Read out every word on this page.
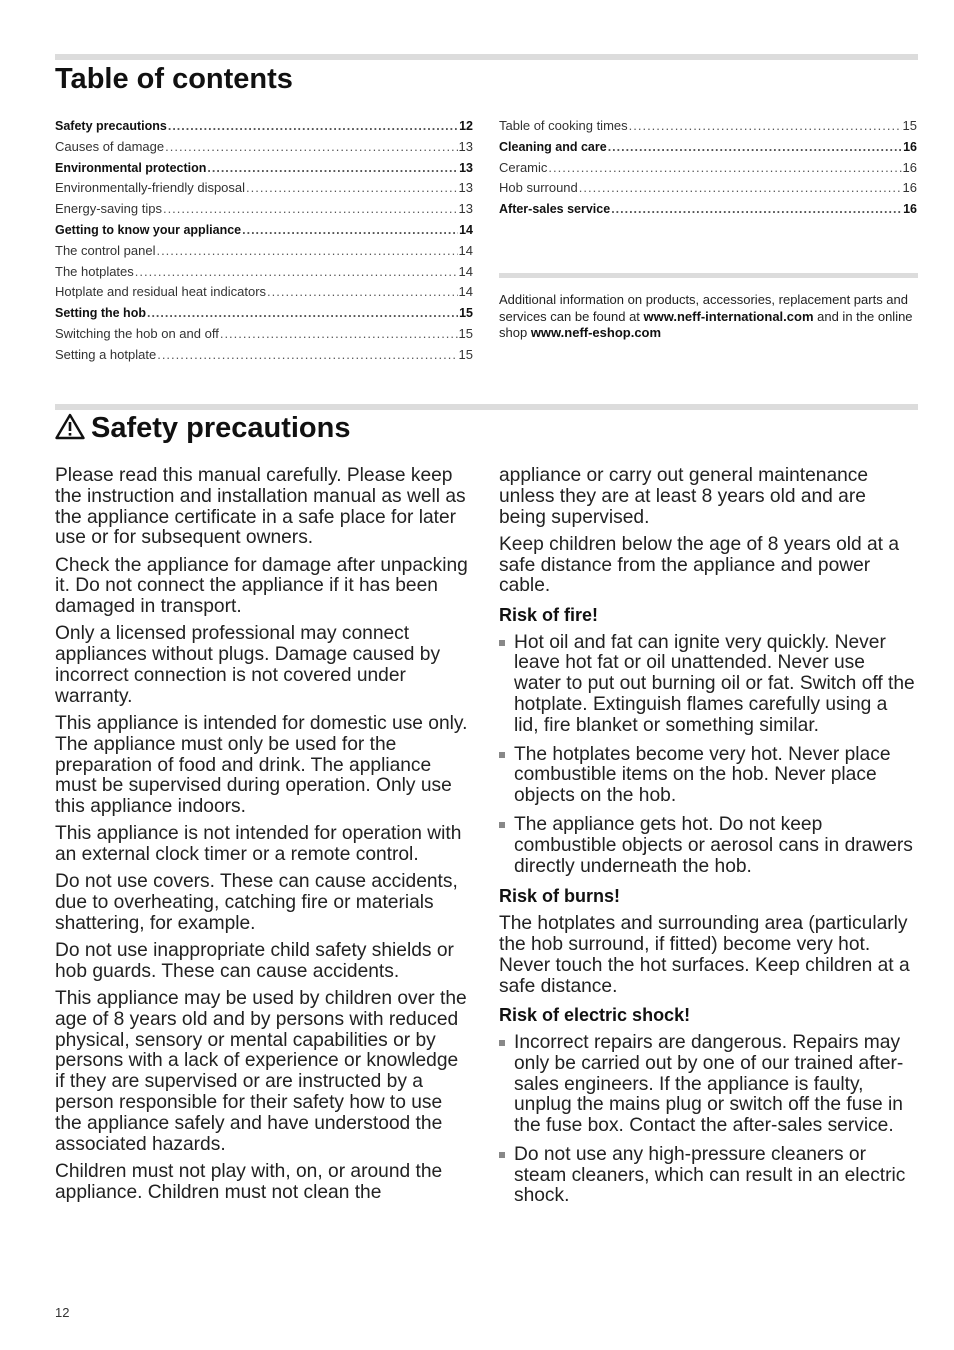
Table of contents
Safety precautions .....	12
Causes of damage .....	13
Environmental protection .....	13
Environmentally-friendly disposal .....	13
Energy-saving tips .....	13
Getting to know your appliance .....	14
The control panel .....	14
The hotplates .....	14
Hotplate and residual heat indicators .....	14
Setting the hob .....	15
Switching the hob on and off .....	15
Setting a hotplate .....	15
Table of cooking times .....	15
Cleaning and care .....	16
Ceramic .....	16
Hob surround .....	16
After-sales service .....	16
Additional information on products, accessories, replacement parts and services can be found at www.neff-international.com and in the online shop www.neff-eshop.com
Safety precautions

Please read this manual carefully. Please keep the instruction and installation manual as well as the appliance certificate in a safe place for later use or for subsequent owners.

Check the appliance for damage after unpacking it. Do not connect the appliance if it has been damaged in transport.

Only a licensed professional may connect appliances without plugs. Damage caused by incorrect connection is not covered under warranty.

This appliance is intended for domestic use only. The appliance must only be used for the preparation of food and drink. The appliance must be supervised during operation. Only use this appliance indoors.

This appliance is not intended for operation with an external clock timer or a remote control.

Do not use covers. These can cause accidents, due to overheating, catching fire or materials shattering, for example.

Do not use inappropriate child safety shields or hob guards. These can cause accidents.

This appliance may be used by children over the age of 8 years old and by persons with reduced physical, sensory or mental capabilities or by persons with a lack of experience or knowledge if they are supervised or are instructed by a person responsible for their safety how to use the appliance safely and have understood the associated hazards.

Children must not play with, on, or around the appliance. Children must not clean the

appliance or carry out general maintenance unless they are at least 8 years old and are being supervised.

Keep children below the age of 8 years old at a safe distance from the appliance and power cable.

Risk of fire!
Hot oil and fat can ignite very quickly. Never leave hot fat or oil unattended. Never use water to put out burning oil or fat. Switch off the hotplate. Extinguish flames carefully using a lid, fire blanket or something similar.
The hotplates become very hot. Never place combustible items on the hob. Never place objects on the hob.
The appliance gets hot. Do not keep combustible objects or aerosol cans in drawers directly underneath the hob.
Risk of burns!

The hotplates and surrounding area (particularly the hob surround, if fitted) become very hot. Never touch the hot surfaces. Keep children at a safe distance.

Risk of electric shock!
Incorrect repairs are dangerous. Repairs may only be carried out by one of our trained after-sales engineers. If the appliance is faulty, unplug the mains plug or switch off the fuse in the fuse box. Contact the after-sales service.
Do not use any high-pressure cleaners or steam cleaners, which can result in an electric shock.
12
